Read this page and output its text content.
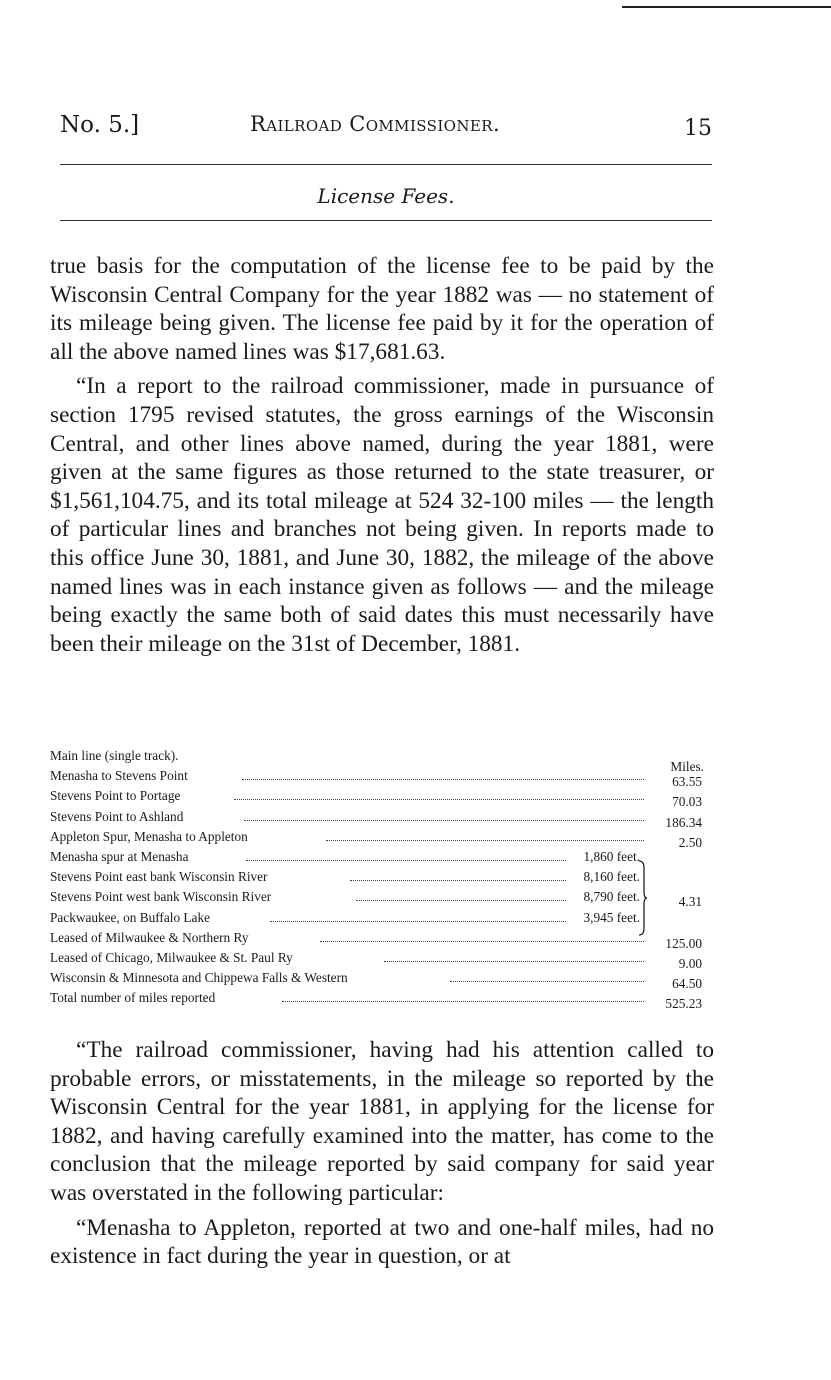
No. 5.]	Railroad Commissioner.	15
License Fees.

true basis for the computation of the license fee to be paid by the Wisconsin Central Company for the year 1882 was — no statement of its mileage being given. The license fee paid by it for the operation of all the above named lines was $17,681.63.

“In a report to the railroad commissioner, made in pursuance of section 1795 revised statutes, the gross earnings of the Wisconsin Central, and other lines above named, during the year 1881, were given at the same figures as those returned to the state treasurer, or $1,561,104.75, and its total mileage at 524 32-100 miles — the length of particular lines and branches not being given. In reports made to this office June 30, 1881, and June 30, 1882, the mileage of the above named lines was in each instance given as follows — and the mileage being exactly the same both of said dates this must necessarily have been their mileage on the 31st of December, 1881.

Main line (single track).
Miles.
Menasha to Stevens Point	63.55
Stevens Point to Portage	70.03
Stevens Point to Ashland	186.34
Appleton Spur, Menasha to Appleton	2.50
Menasha spur at Menasha	1,860 feet.
Stevens Point east bank Wisconsin River	8,160 feet.
Stevens Point west bank Wisconsin River	8,790 feet.
Packwaukee, on Buffalo Lake	3,945 feet.
4.31
Leased of Milwaukee & Northern Ry	125.00
Leased of Chicago, Milwaukee & St. Paul Ry	9.00
Wisconsin & Minnesota and Chippewa Falls & Western	64.50
Total number of miles reported	525.23

“The railroad commissioner, having had his attention called to probable errors, or misstatements, in the mileage so reported by the Wisconsin Central for the year 1881, in applying for the license for 1882, and having carefully examined into the matter, has come to the conclusion that the mileage reported by said company for said year was overstated in the following particular:

“Menasha to Appleton, reported at two and one-half miles, had no existence in fact during the year in question, or at
